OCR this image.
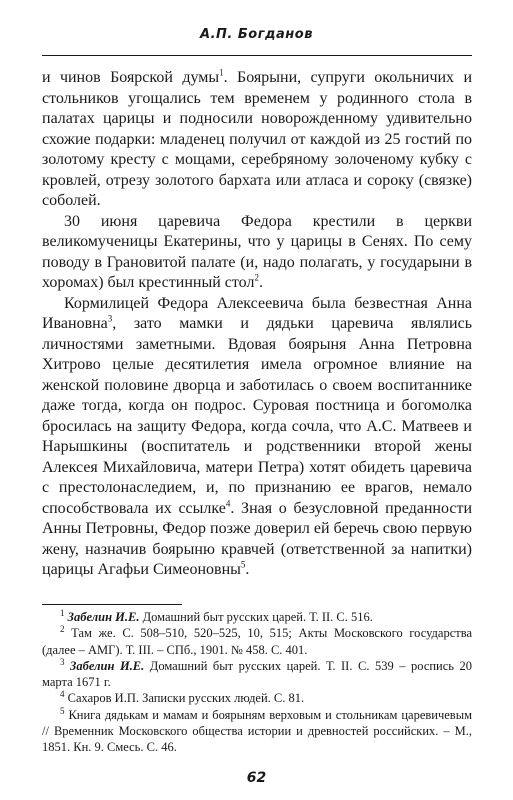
А.П. Богданов

и чинов Боярской думы$^1$. Боярыни, супруги окольничих и стольников угощались тем временем у родинного стола в палатах царицы и подносили новорожденному удивительно схожие подарки: младенец получил от каждой из 25 гостий по золотому кресту с мощами, серебряному золоченому кубку с кровлей, отрезу золотого бархата или атласа и сороку (связке) соболей.

30 июня царевича Федора крестили в церкви великомученицы Екатерины, что у царицы в Сенях. По сему поводу в Грановитой палате (и, надо полагать, у государыни в хоромах) был крестинный стол$^2$.

Кормилицей Федора Алексеевича была безвестная Анна Ивановна$^3$, зато мамки и дядьки царевича являлись личностями заметными. Вдовая боярыня Анна Петровна Хитрово целые десятилетия имела огромное влияние на женской половине дворца и заботилась о своем воспитаннике даже тогда, когда он подрос. Суровая постница и богомолка бросилась на защиту Федора, когда сочла, что А.С. Матвеев и Нарышкины (воспитатель и родственники второй жены Алексея Михайловича, матери Петра) хотят обидеть царевича с престолонаследием, и, по признанию ее врагов, немало способствовала их ссылке$^4$. Зная о безусловной преданности Анны Петровны, Федор позже доверил ей беречь свою первую жену, назначив боярыню кравчей (ответственной за напитки) царицы Агафьи Симеоновны$^5$.

$^1$ Забелин И.Е. Домашний быт русских царей. Т. II. С. 516.

$^2$ Там же. С. 508–510, 520–525, 10, 515; Акты Московского государства (далее – АМГ). Т. III. – СПб., 1901. № 458. С. 401.

$^3$ Забелин И.Е. Домашний быт русских царей. Т. II. С. 539 – роспись 20 марта 1671 г.

$^4$ Сахаров И.П. Записки русских людей. С. 81.

$^5$ Книга дядькам и мамам и боярыням верховым и стольникам царевичевым // Временник Московского общества истории и древностей российских. – М., 1851. Кн. 9. Смесь. С. 46.

62
